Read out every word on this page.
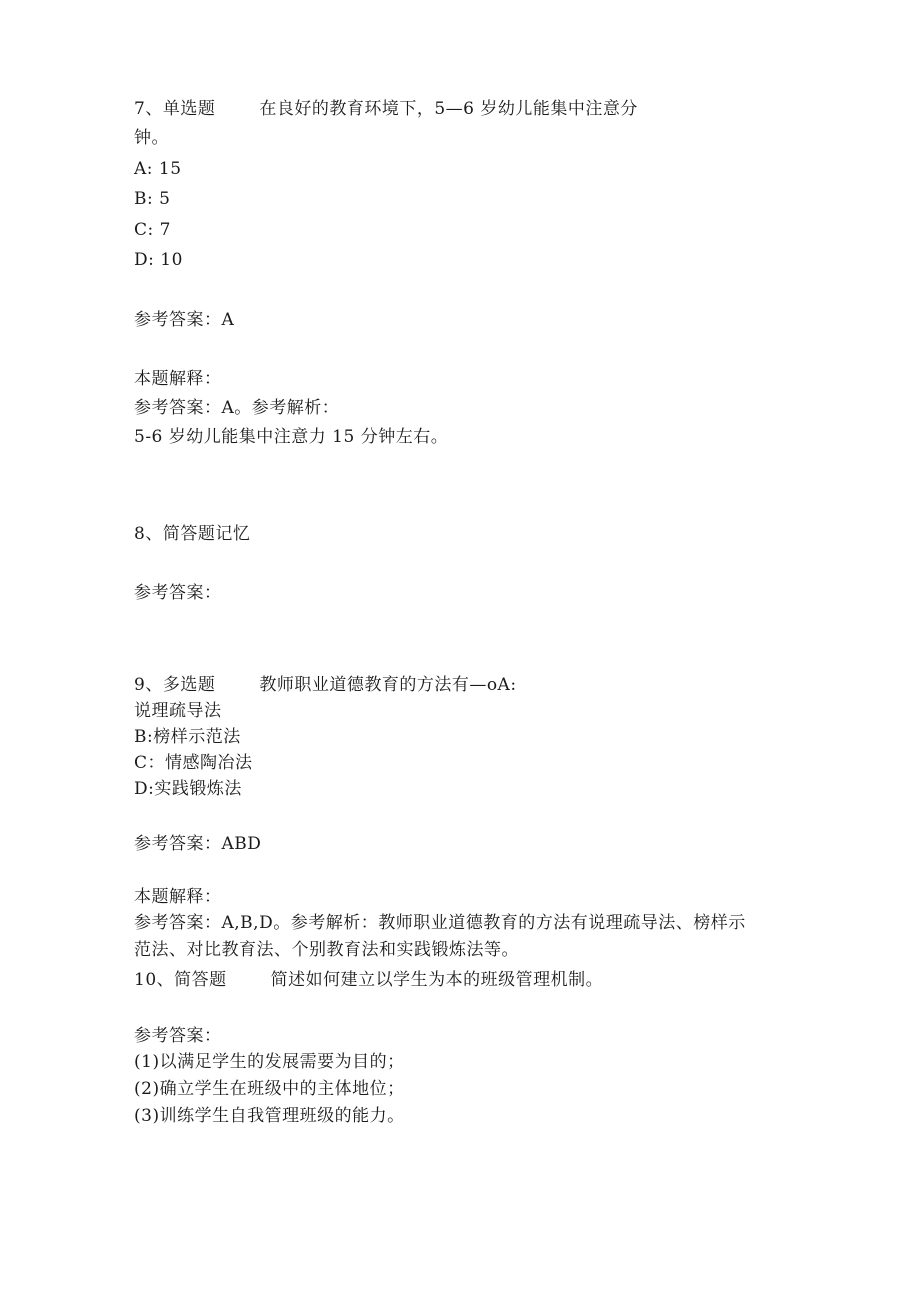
7、单选题	在良好的教育环境下，5—6 岁幼儿能集中注意分
钟。
A: 15
B: 5
C: 7
D: 10
参考答案：A
本题解释：
参考答案：A。参考解析：
5-6 岁幼儿能集中注意力 15 分钟左右。
8、简答题记忆
参考答案：
9、多选题	教师职业道德教育的方法有—oA:
说理疏导法
B:榜样示范法
C：情感陶冶法
D:实践锻炼法
参考答案：ABD
本题解释：
参考答案：A,B,D。参考解析：教师职业道德教育的方法有说理疏导法、榜样示
范法、对比教育法、个别教育法和实践锻炼法等。
10、简答题	简述如何建立以学生为本的班级管理机制。
参考答案：
(1)以满足学生的发展需要为目的；
(2)确立学生在班级中的主体地位；
(3)训练学生自我管理班级的能力。
